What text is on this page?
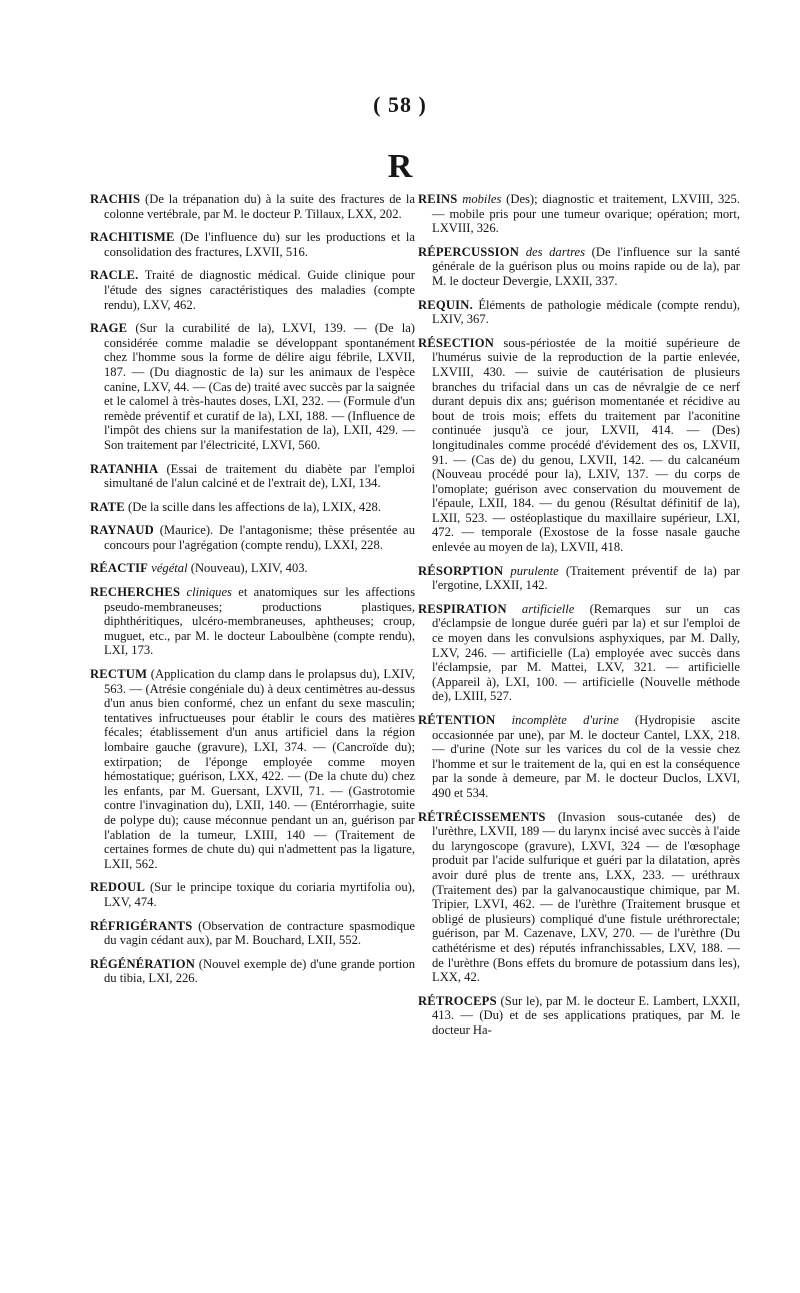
( 58 )
R

RACHIS (De la trépanation du) à la suite des fractures de la colonne vertébrale, par M. le docteur P. Tillaux, LXX, 202.

RACHITISME (De l'influence du) sur les productions et la consolidation des fractures, LXVII, 516.

RACLE. Traité de diagnostic médical. Guide clinique pour l'étude des signes caractéristiques des maladies (compte rendu), LXV, 462.

RAGE (Sur la curabilité de la), LXVI, 139. — (De la) considérée comme maladie se développant spontanément chez l'homme sous la forme de délire aigu fébrile, LXVII, 187. — (Du diagnostic de la) sur les animaux de l'espèce canine, LXV, 44. — (Cas de) traité avec succès par la saignée et le calomel à très-hautes doses, LXI, 232. — (Formule d'un remède préventif et curatif de la), LXI, 188. — (Influence de l'impôt des chiens sur la manifestation de la), LXII, 429. — Son traitement par l'électricité, LXVI, 560.

RATANHIA (Essai de traitement du diabète par l'emploi simultané de l'alun calciné et de l'extrait de), LXI, 134.

RATE (De la scille dans les affections de la), LXIX, 428.

RAYNAUD (Maurice). De l'antagonisme; thèse présentée au concours pour l'agrégation (compte rendu), LXXI, 228.

RÉACTIF végétal (Nouveau), LXIV, 403.

RECHERCHES cliniques et anatomiques sur les affections pseudo-membraneuses; productions plastiques, diphthéritiques, ulcéro-membraneuses, aphtheuses; croup, muguet, etc., par M. le docteur Laboulbène (compte rendu), LXI, 173.

RECTUM (Application du clamp dans le prolapsus du), LXIV, 563. — (Atrésie congéniale du) à deux centimètres au-dessus d'un anus bien conformé, chez un enfant du sexe masculin; tentatives infructueuses pour établir le cours des matières fécales; établissement d'un anus artificiel dans la région lombaire gauche (gravure), LXI, 374. — (Cancroïde du); extirpation; de l'éponge employée comme moyen hémostatique; guérison, LXX, 422. — (De la chute du) chez les enfants, par M. Guersant, LXVII, 71. — (Gastrotomie contre l'invagination du), LXII, 140. — (Entérorrhagie, suite de polype du); cause méconnue pendant un an, guérison par l'ablation de la tumeur, LXIII, 140 — (Traitement de certaines formes de chute du) qui n'admettent pas la ligature, LXII, 562.

REDOUL (Sur le principe toxique du coriaria myrtifolia ou), LXV, 474.

RÉFRIGÉRANTS (Observation de contracture spasmodique du vagin cédant aux), par M. Bouchard, LXII, 552.

RÉGÉNÉRATION (Nouvel exemple de) d'une grande portion du tibia, LXI, 226.

REINS mobiles (Des); diagnostic et traitement, LXVIII, 325. — mobile pris pour une tumeur ovarique; opération; mort, LXVIII, 326.

RÉPERCUSSION des dartres (De l'influence sur la santé générale de la guérison plus ou moins rapide ou de la), par M. le docteur Devergie, LXXII, 337.

REQUIN. Éléments de pathologie médicale (compte rendu), LXIV, 367.

RÉSECTION sous-périostée de la moitié supérieure de l'humérus suivie de la reproduction de la partie enlevée, LXVIII, 430. — suivie de cautérisation de plusieurs branches du trifacial dans un cas de névralgie de ce nerf durant depuis dix ans; guérison momentanée et récidive au bout de trois mois; effets du traitement par l'aconitine continuée jusqu'à ce jour, LXVII, 414. — (Des) longitudinales comme procédé d'évidement des os, LXVII, 91. — (Cas de) du genou, LXVII, 142. — du calcanéum (Nouveau procédé pour la), LXIV, 137. — du corps de l'omoplate; guérison avec conservation du mouvement de l'épaule, LXII, 184. — du genou (Résultat définitif de la), LXII, 523. — ostéoplastique du maxillaire supérieur, LXI, 472. — temporale (Exostose de la fosse nasale gauche enlevée au moyen de la), LXVII, 418.

RÉSORPTION purulente (Traitement préventif de la) par l'ergotine, LXXII, 142.

RESPIRATION artificielle (Remarques sur un cas d'éclampsie de longue durée guéri par la) et sur l'emploi de ce moyen dans les convulsions asphyxiques, par M. Dally, LXV, 246. — artificielle (La) employée avec succès dans l'éclampsie, par M. Mattei, LXV, 321. — artificielle (Appareil à), LXI, 100. — artificielle (Nouvelle méthode de), LXIII, 527.

RÉTENTION incomplète d'urine (Hydropisie ascite occasionnée par une), par M. le docteur Cantel, LXX, 218. — d'urine (Note sur les varices du col de la vessie chez l'homme et sur le traitement de la, qui en est la conséquence par la sonde à demeure, par M. le docteur Duclos, LXVI, 490 et 534.

RÉTRÉCISSEMENTS (Invasion sous-cutanée des) de l'urèthre, LXVII, 189 — du larynx incisé avec succès à l'aide du laryngoscope (gravure), LXVI, 324 — de l'œsophage produit par l'acide sulfurique et guéri par la dilatation, après avoir duré plus de trente ans, LXX, 233. — uréthraux (Traitement des) par la galvanocaustique chimique, par M. Tripier, LXVI, 462. — de l'urèthre (Traitement brusque et obligé de plusieurs) compliqué d'une fistule uréthrorectale; guérison, par M. Cazenave, LXV, 270. — de l'urèthre (Du cathétérisme et des) réputés infranchissables, LXV, 188. — de l'urèthre (Bons effets du bromure de potassium dans les), LXX, 42.

RÉTROCEPS (Sur le), par M. le docteur E. Lambert, LXXII, 413. — (Du) et de ses applications pratiques, par M. le docteur Ha-
